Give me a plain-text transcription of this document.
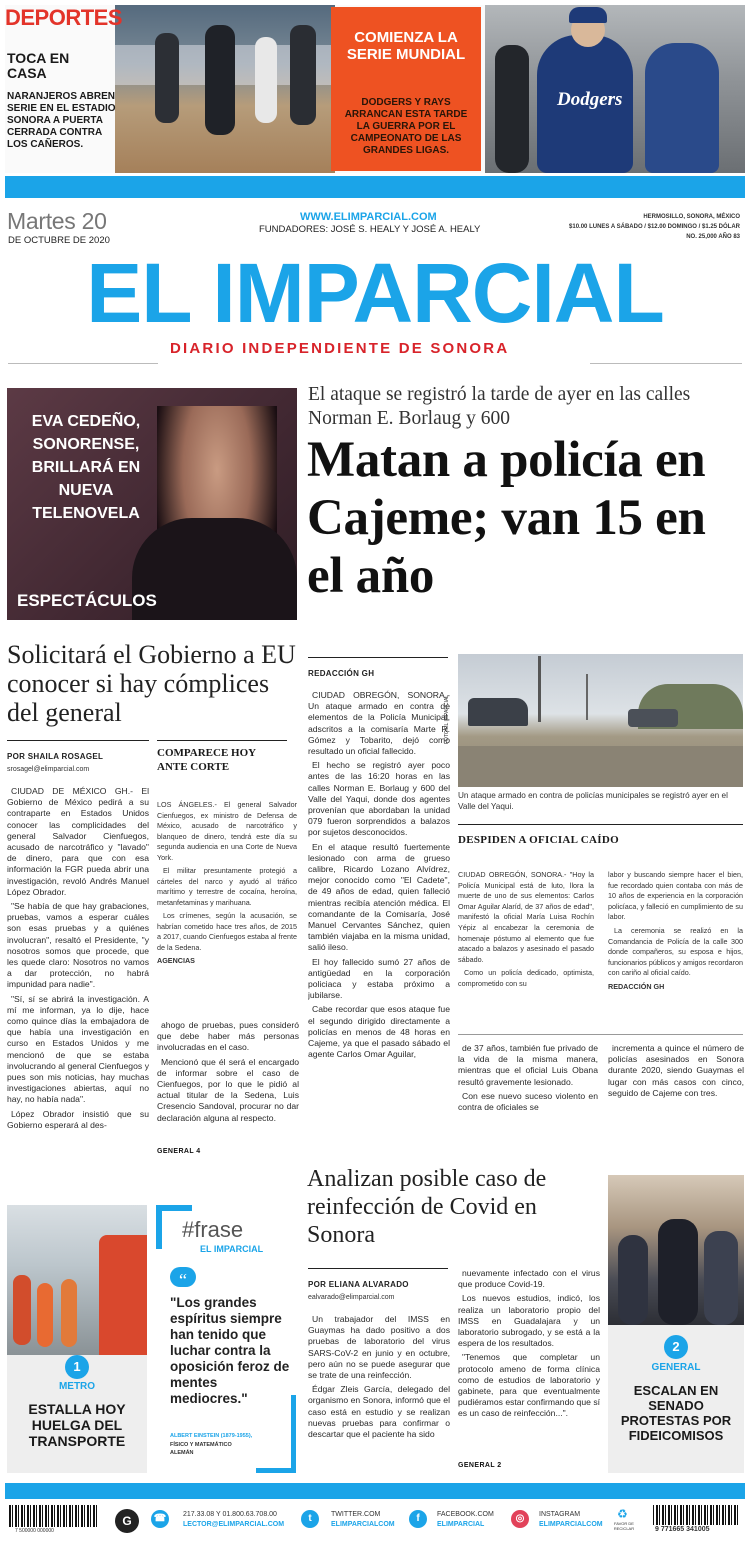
DEPORTES
TOCA EN CASA
NARANJEROS ABREN SERIE EN EL ESTADIO SONORA A PUERTA CERRADA CONTRA LOS CAÑEROS.
COMIENZA LA SERIE MUNDIAL
DODGERS Y RAYS ARRANCAN ESTA TARDE LA GUERRA POR EL CAMPEONATO DE LAS GRANDES LIGAS.
Dodgers
Martes 20
DE OCTUBRE DE 2020
WWW.ELIMPARCIAL.COM
FUNDADORES: JOSÉ S. HEALY Y JOSÉ A. HEALY
HERMOSILLO, SONORA, MÉXICO
$10.00 LUNES A SÁBADO / $12.00 DOMINGO / $1.25 DÓLAR
NO. 25,000 AÑO 83
EL IMPARCIAL
DIARIO INDEPENDIENTE DE SONORA
EVA CEDEÑO, SONORENSE, BRILLARÁ EN NUEVA TELENOVELA
ESPECTÁCULOS
El ataque se registró la tarde de ayer en las calles Norman E. Borlaug y 600
Matan a policía en Cajeme; van 15 en el año
Solicitará el Gobierno a EU conocer si hay cómplices del general
POR SHAILA ROSAGEL
srosagel@elimparcial.com

CIUDAD DE MÉXICO GH.- El Gobierno de México pedirá a su contraparte en Estados Unidos conocer las complicidades del general Salvador Cienfuegos, acusado de narcotráfico y "lavado" de dinero, para que con esa información la FGR pueda abrir una investigación, revoló Andrés Manuel López Obrador.

"Se había de que hay grabaciones, pruebas, vamos a esperar cuáles son esas pruebas y a quiénes involucran", resaltó el Presidente, "y nosotros somos que procede, que les quede claro: Nosotros no vamos a dar protección, no habrá impunidad para nadie".

"Sí, sí se abrirá la investigación. A mí me informan, ya lo dije, hace como quince días la embajadora de que había una investigación en curso en Estados Unidos y me mencionó de que se estaba involucrando al general Cienfuegos y pues son mis noticias, hay muchas investigaciones abiertas, aquí no hay, no había nada".

López Obrador insistió que su Gobierno esperará al des-

COMPARECE HOY ANTE CORTE

LOS ÁNGELES.- El general Salvador Cienfuegos, ex ministro de Defensa de México, acusado de narcotráfico y blanqueo de dinero, tendrá este día su segunda audiencia en una Corte de Nueva York.

El militar presuntamente protegió a cárteles del narco y ayudó al tráfico marítimo y terrestre de cocaína, heroína, metanfetaminas y marihuana.

Los crímenes, según la acusación, se habrían cometido hace tres años, de 2015 a 2017, cuando Cienfuegos estaba al frente de la Sedena.

AGENCIAS

ahogo de pruebas, pues consideró que debe haber más personas involucradas en el caso.

Mencionó que él será el encargado de informar sobre el caso de Cienfuegos, por lo que le pidió al actual titular de la Sedena, Luis Cresencio Sandoval, procurar no dar declaración alguna al respecto.

GENERAL 4
REDACCIÓN GH

CIUDAD OBREGÓN, SONORA.- Un ataque armado en contra de elementos de la Policía Municipal, adscritos a la comisaría Marte R. Gómez y Tobarito, dejó como resultado un oficial fallecido.

El hecho se registró ayer poco antes de las 16:20 horas en las calles Norman E. Borlaug y 600 del Valle del Yaqui, donde dos agentes provenían que abordaban la unidad 079 fueron sorprendidos a balazos por sujetos desconocidos.

En el ataque resultó fuertemente lesionado con arma de grueso calibre, Ricardo Lozano Alvídrez, mejor conocido como "El Cadete", de 49 años de edad, quien falleció mientras recibía atención médica. El comandante de la Comisaría, José Manuel Cervantes Sánchez, quien también viajaba en la misma unidad, salió ileso.

El hoy fallecido sumó 27 años de antigüedad en la corporación policiaca y estaba próximo a jubilarse.

Cabe recordar que esos ataque fue el segundo dirigido directamente a policías en menos de 48 horas en Cajeme, ya que el pasado sábado el agente Carlos Omar Aguilar,

FOTO/EL IMPARCIAL
Un ataque armado en contra de policías municipales se registró ayer en el Valle del Yaqui.
DESPIDEN A OFICIAL CAÍDO

CIUDAD OBREGÓN, SONORA.- "Hoy la Policía Municipal está de luto, llora la muerte de uno de sus elementos: Carlos Omar Aguilar Alaríd, de 37 años de edad", manifestó la oficial María Luisa Rochín Yépiz al encabezar la ceremonia de homenaje póstumo al elemento que fue atacado a balazos y asesinado el pasado sábado.

Como un policía dedicado, optimista, comprometido con su

labor y buscando siempre hacer el bien, fue recordado quien contaba con más de 10 años de experiencia en la corporación policíaca, y falleció en cumplimiento de su labor.

La ceremonia se realizó en la Comandancia de Policía de la calle 300 donde compañeros, su esposa e hijos, funcionarios públicos y amigos recordaron con cariño al oficial caído.

REDACCIÓN GH

de 37 años, también fue privado de la vida de la misma manera, mientras que el oficial Luis Obana resultó gravemente lesionado.

Con ese nuevo suceso violento en contra de oficiales se

incrementa a quince el número de policías asesinados en Sonora durante 2020, siendo Guaymas el lugar con más casos con cinco, seguido de Cajeme con tres.

1
METRO
ESTALLA HOY HUELGA DEL TRANSPORTE
#frase
EL IMPARCIAL
“
"Los grandes espíritus siempre han tenido que luchar contra la oposición feroz de mentes mediocres."
ALBERT EINSTEIN (1879-1955),
FÍSICO Y MATEMÁTICO ALEMÁN
Analizan posible caso de reinfección de Covid en Sonora
POR ELIANA ALVARADO
ealvarado@elimparcial.com

Un trabajador del IMSS en Guaymas ha dado positivo a dos pruebas de laboratorio del virus SARS-CoV-2 en junio y en octubre, pero aún no se puede asegurar que se trate de una reinfección.

Édgar Zleis García, delegado del organismo en Sonora, informó que el caso está en estudio y se realizan nuevas pruebas para confirmar o descartar que el paciente ha sido

nuevamente infectado con el virus que produce Covid-19.

Los nuevos estudios, indicó, los realiza un laboratorio propio del IMSS en Guadalajara y un laboratorio subrogado, y se está a la espera de los resultados.

"Tenemos que completar un protocolo ameno de forma clínica como de estudios de laboratorio y gabinete, para que eventualmente pudiéramos estar confirmando que sí es un caso de reinfección...".

GENERAL 2
2
GENERAL
ESCALAN EN SENADO PROTESTAS POR FIDEICOMISOS
7 500000 000000
G	☎	217.33.08 Y 01.800.63.708.00
LECTOR@ELIMPARCIAL.COM
t	TWITTER.COM
ELIMPARCIALCOM
f	FACEBOOK.COM
ELIMPARCIAL
◎	INSTAGRAM
ELIMPARCIALCOM
♻
FAVOR DE RECICLAR	9 771665 341005
